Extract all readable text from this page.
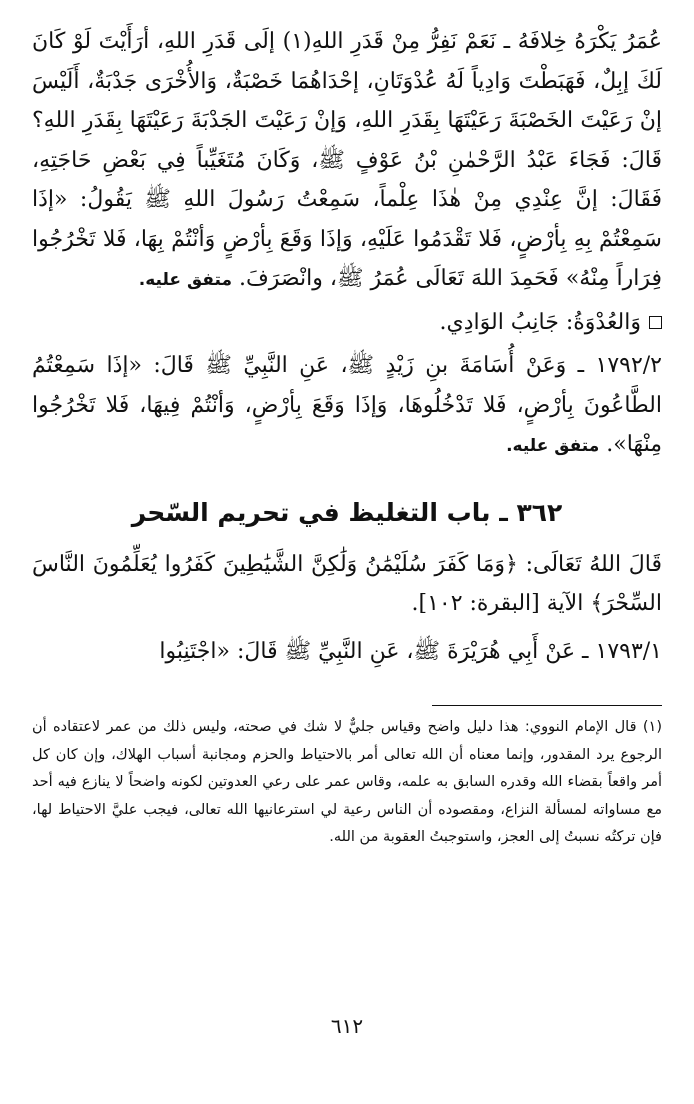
عُمَرُ يَكْرَهُ خِلافَهُ ـ نَعَمْ نَفِرُّ مِنْ قَدَرِ اللهِ(١) إلَى قَدَرِ اللهِ، أرَأَيْتَ لَوْ كَانَ لَكَ إبِلٌ، فَهَبَطْتَ وَادِياً لَهُ عُدْوَتَانِ، إحْدَاهُمَا خَصْبَةٌ، وَالأُخْرَى جَدْبَةٌ، أَلَيْسَ إنْ رَعَيْتَ الخَصْبَةَ رَعَيْتَهَا بِقَدَرِ اللهِ، وَإنْ رَعَيْتَ الجَدْبَةَ رَعَيْتَهَا بِقَدَرِ اللهِ؟ قَالَ: فَجَاءَ عَبْدُ الرَّحْمٰنِ بْنُ عَوْفٍ ﷺ، وَكَانَ مُتَغَيِّباً فِي بَعْضِ حَاجَتِهِ، فَقَالَ: إنَّ عِنْدِي مِنْ هٰذَا عِلْماً، سَمِعْتُ رَسُولَ اللهِ ﷺ يَقُولُ: «إذَا سَمِعْتُمْ بِهِ بِأرْضٍ، فَلا تَقْدَمُوا عَلَيْهِ، وَإذَا وَقَعَ بِأرْضٍ وَأنْتُمْ بِهَا، فَلا تَخْرُجُوا فِرَاراً مِنْهُ» فَحَمِدَ اللهَ تَعَالَى عُمَرُ ﷺ، وانْصَرَفَ. متفق عليه.

وَالعُدْوَةُ: جَانِبُ الوَادِي.

١٧٩٢/٢ ـ وَعَنْ أُسَامَةَ بنِ زَيْدٍ ﷺ، عَنِ النَّبِيِّ ﷺ قَالَ: «إذَا سَمِعْتُمُ الطَّاعُونَ بِأرْضٍ، فَلا تَدْخُلُوهَا، وَإذَا وَقَعَ بِأرْضٍ، وَأنْتُمْ فِيهَا، فَلا تَخْرُجُوا مِنْهَا». متفق عليه.

٣٦٢ ـ باب التغليظ في تحريم السّحر

قَالَ اللهُ تَعَالَى: ﴿وَمَا كَفَرَ سُلَيْمَٰنُ وَلَٰكِنَّ الشَّيَٰطِينَ كَفَرُوا يُعَلِّمُونَ النَّاسَ السِّحْرَ﴾ الآية [البقرة: ١٠٢].

١٧٩٣/١ ـ عَنْ أَبِي هُرَيْرَةَ ﷺ، عَنِ النَّبِيِّ ﷺ قَالَ: «اجْتَنِبُوا

(١) قال الإمام النووي: هذا دليل واضح وقياس جليٌّ لا شك في صحته، وليس ذلك من عمر لاعتقاده أن الرجوع يرد المقدور، وإنما معناه أن الله تعالى أمر بالاحتياط والحزم ومجانبة أسباب الهلاك، وإن كان كل أمر واقعاً بقضاء الله وقدره السابق به علمه، وقاس عمر على رعي العدوتين لكونه واضحاً لا ينازع فيه أحد مع مساواته لمسألة النزاع، ومقصوده أن الناس رعية لي استرعانيها الله تعالى، فيجب عليَّ الاحتياط لها، فإن تركتُه نسبتُ إلى العجز، واستوجبتُ العقوبة من الله.

٦١٢
